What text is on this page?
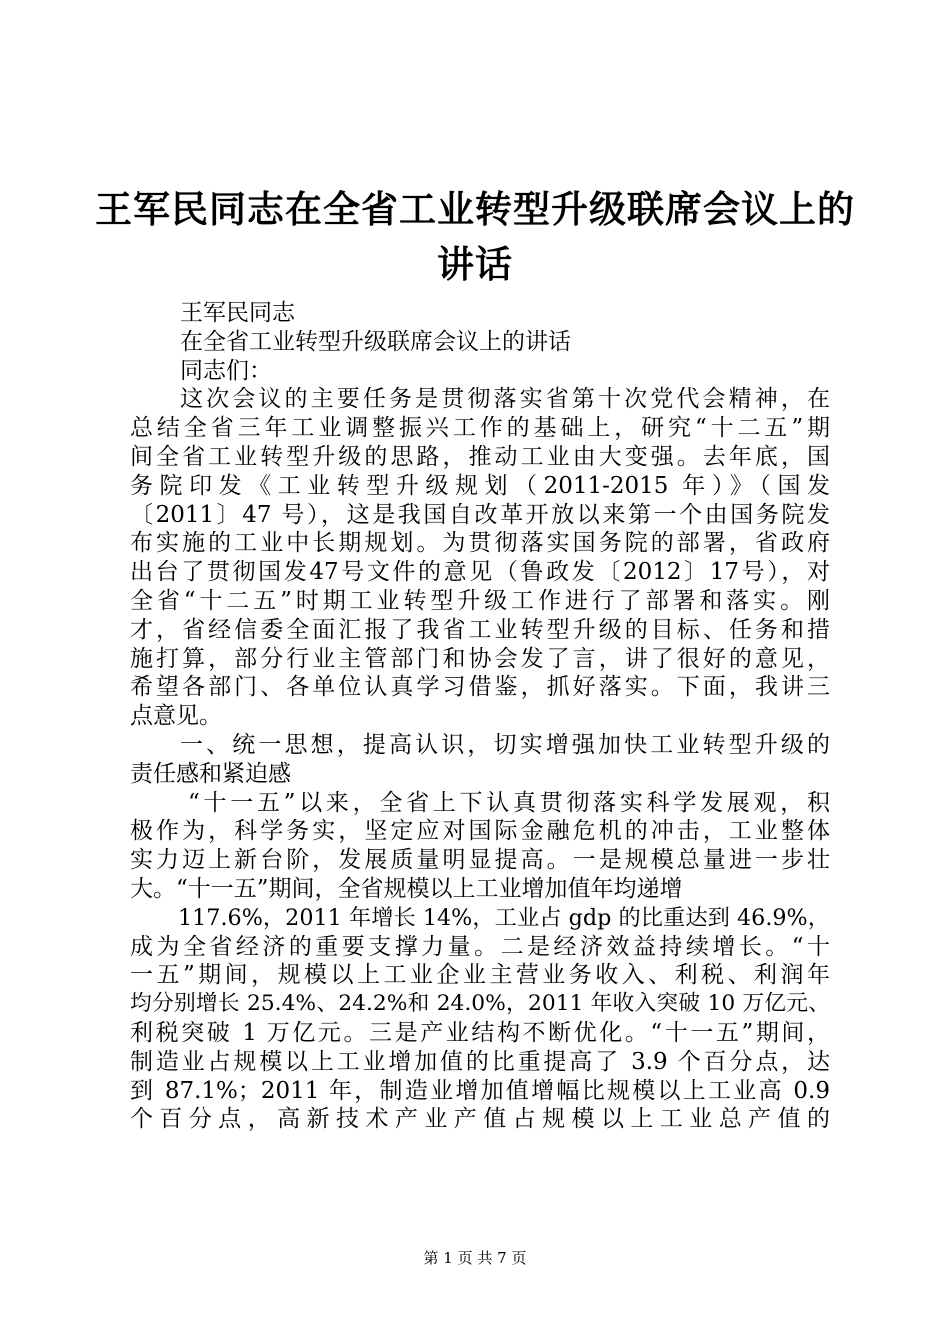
王军民同志在全省工业转型升级联席会议上的
讲话
王军民同志
在全省工业转型升级联席会议上的讲话
同志们：
这次会议的主要任务是贯彻落实省第十次党代会精神，在
总结全省三年工业调整振兴工作的基础上，研究“十二五”期
间全省工业转型升级的思路，推动工业由大变强。去年底，国
务院印发《工业转型升级规划（2011-2015 年）》（国发
〔2011〕47 号），这是我国自改革开放以来第一个由国务院发
布实施的工业中长期规划。为贯彻落实国务院的部署，省政府
出台了贯彻国发47号文件的意见（鲁政发〔2012〕17号），对
全省“十二五”时期工业转型升级工作进行了部署和落实。刚
才，省经信委全面汇报了我省工业转型升级的目标、任务和措
施打算，部分行业主管部门和协会发了言，讲了很好的意见，
希望各部门、各单位认真学习借鉴，抓好落实。下面，我讲三
点意见。
一、统一思想，提高认识，切实增强加快工业转型升级的
责任感和紧迫感
“十一五”以来，全省上下认真贯彻落实科学发展观，积
极作为，科学务实，坚定应对国际金融危机的冲击，工业整体
实力迈上新台阶，发展质量明显提高。一是规模总量进一步壮
大。“十一五”期间，全省规模以上工业增加值年均递增
117.6%，2011 年增长 14%，工业占 gdp 的比重达到 46.9%，
成为全省经济的重要支撑力量。二是经济效益持续增长。“十
一五”期间，规模以上工业企业主营业务收入、利税、利润年
均分别增长 25.4%、24.2%和 24.0%，2011 年收入突破 10 万亿元、
利税突破 1 万亿元。三是产业结构不断优化。“十一五”期间，
制造业占规模以上工业增加值的比重提高了 3.9 个百分点，达
到 87.1%；2011 年，制造业增加值增幅比规模以上工业高 0.9
个百分点，高新技术产业产值占规模以上工业总产值的
第 1 页 共 7 页
